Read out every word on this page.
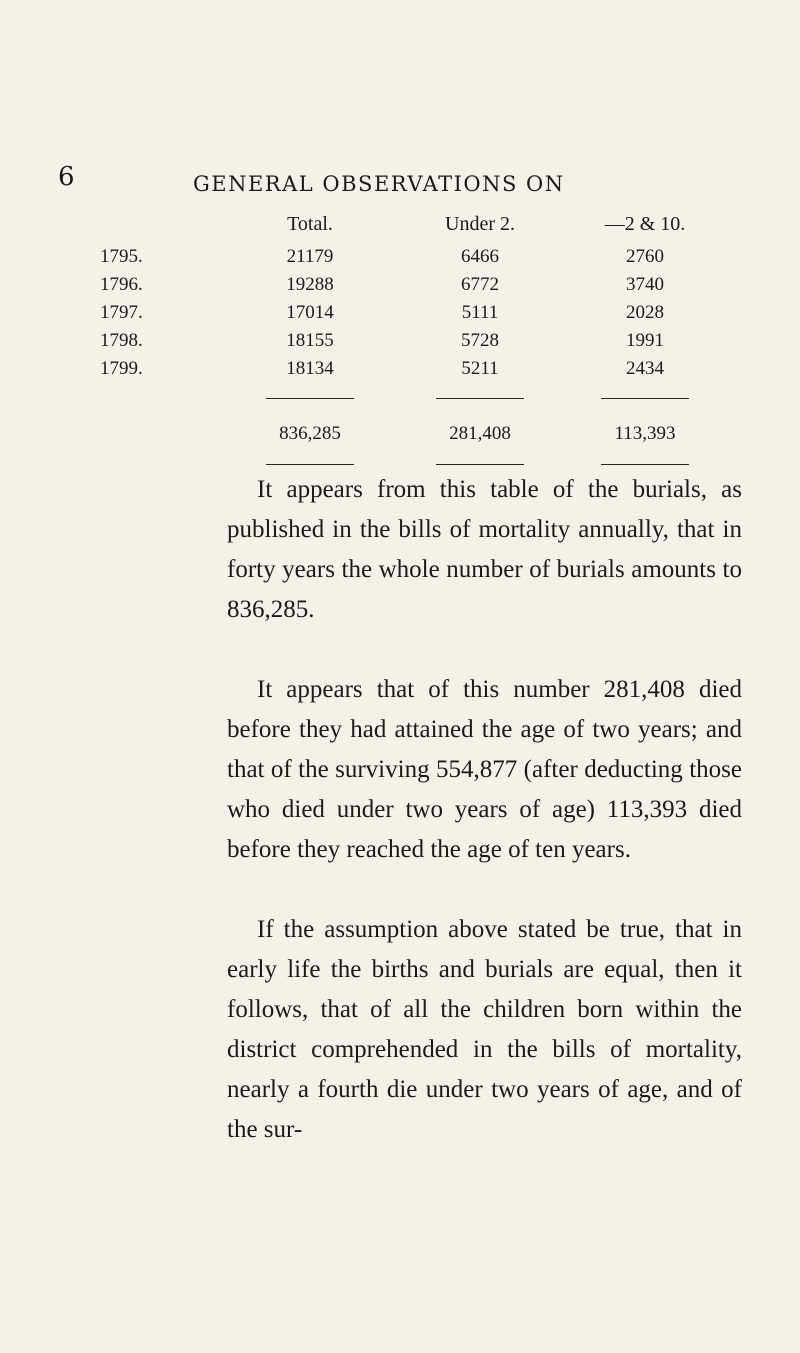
6	GENERAL OBSERVATIONS ON
	Total.	Under 2.	—2 & 10.
1795.	21179	6466	2760
1796.	19288	6772	3740
1797.	17014	5111	2028
1798.	18155	5728	1991
1799.	18134	5211	2434

	836,285	281,408	113,393

It appears from this table of the burials, as published in the bills of mortality annually, that in forty years the whole number of burials amounts to 836,285.

It appears that of this number 281,408 died before they had attained the age of two years; and that of the surviving 554,877 (after deducting those who died under two years of age) 113,393 died before they reached the age of ten years.

If the assumption above stated be true, that in early life the births and burials are equal, then it follows, that of all the children born within the district comprehended in the bills of mortality, nearly a fourth die under two years of age, and of the sur-
